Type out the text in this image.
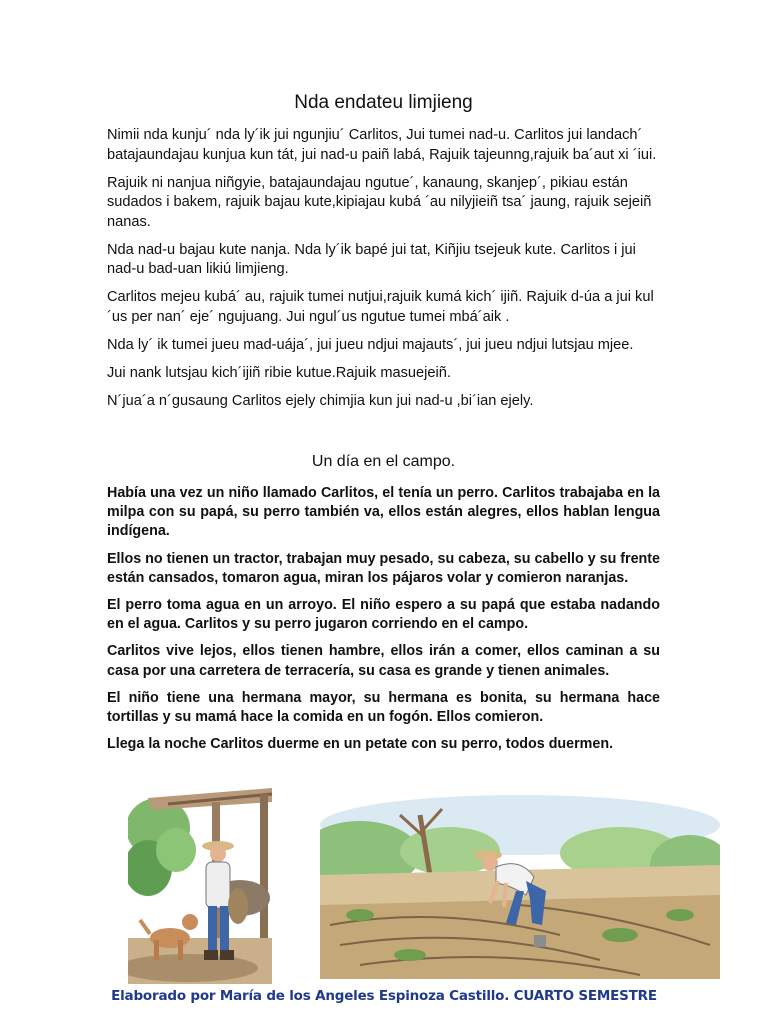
Nda endateu limjieng

Nimii nda kunju´ nda ly´ik jui ngunjiu´ Carlitos, Jui tumei nad-u. Carlitos jui landach´ batajaundajau kunjua kun tát, jui nad-u paiñ labá, Rajuik tajeunng,rajuik ba´aut xi ´iui.

Rajuik ni nanjua niñgyie, batajaundajau ngutue´, kanaung, skanjep´, pikiau están sudados i bakem, rajuik bajau kute,kipiajau kubá ´au nilyjieiñ tsa´ jaung, rajuik sejeiñ nanas.

Nda nad-u bajau kute nanja. Nda ly´ik bapé jui tat, Kiñjiu tsejeuk kute. Carlitos i jui nad-u bad-uan likiú limjieng.

Carlitos mejeu kubá´ au, rajuik tumei nutjui,rajuik kumá kich´ ijiñ. Rajuik d-úa a jui kul ´us per nan´ eje´ ngujuang. Jui ngul´us ngutue tumei mbá´aik .

Nda ly´ ik tumei jueu mad-uája´, jui jueu ndjui majauts´, jui jueu ndjui lutsjau mjee.

Jui nank lutsjau kich´ijiñ ribie kutue.Rajuik masuejeiñ.

N´jua´a n´gusaung Carlitos ejely chimjia kun jui nad-u ,bi´ian ejely.

Un día en el campo.

Había una vez un niño llamado Carlitos, el tenía un perro. Carlitos trabajaba en la milpa con su papá, su perro también va, ellos están alegres, ellos hablan lengua indígena.

Ellos no tienen un tractor, trabajan muy pesado, su cabeza, su cabello y su frente están cansados, tomaron agua, miran los pájaros volar y comieron naranjas.

El perro toma agua en un arroyo. El niño espero a su papá que estaba nadando en el agua. Carlitos y su perro jugaron corriendo en el campo.

Carlitos vive lejos, ellos tienen hambre, ellos irán a comer, ellos caminan a su casa por una carretera de terracería, su casa es grande y tienen animales.

El niño tiene una hermana mayor, su hermana es bonita, su hermana hace tortillas y su mamá hace la comida en un fogón. Ellos comieron.

Llega la noche Carlitos duerme en un petate con su perro, todos duermen.

Elaborado por María de los Angeles Espinoza Castillo. CUARTO SEMESTRE
